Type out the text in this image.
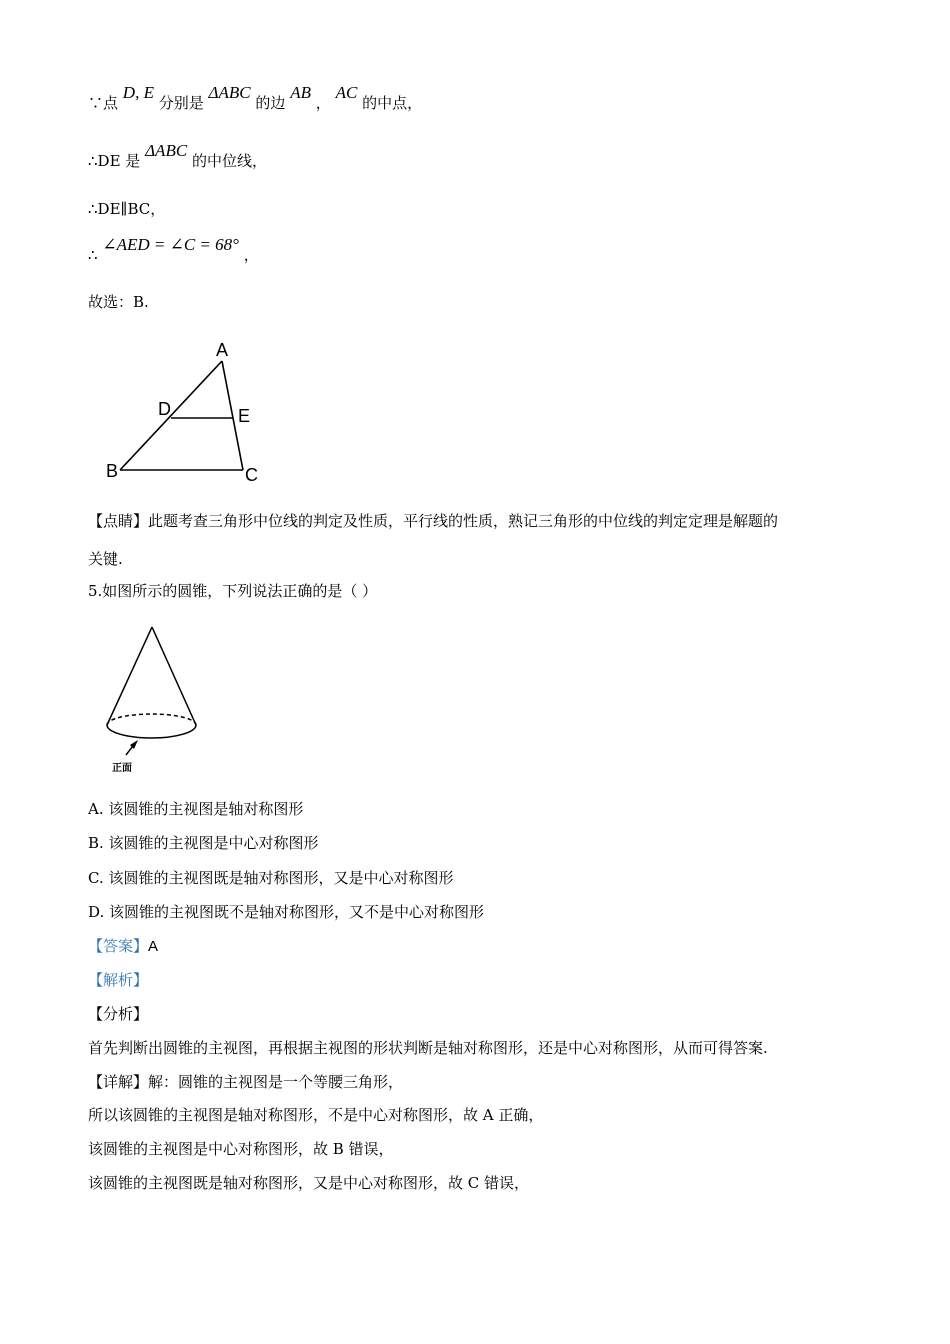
∵点 D, E 分别是 ΔABC 的边 AB ， AC 的中点，
∴DE 是 ΔABC 的中位线，
∴DE∥BC，
∴ ∠AED = ∠C = 68° ，
故选：B.
A
D	E
B	C
【点睛】此题考查三角形中位线的判定及性质，平行线的性质，熟记三角形的中位线的判定定理是解题的
关键.
5.如图所示的圆锥，下列说法正确的是（ ）
正面
A. 该圆锥的主视图是轴对称图形
B. 该圆锥的主视图是中心对称图形
C. 该圆锥的主视图既是轴对称图形，又是中心对称图形
D. 该圆锥的主视图既不是轴对称图形，又不是中心对称图形
【答案】A
【解析】
【分析】
首先判断出圆锥的主视图，再根据主视图的形状判断是轴对称图形，还是中心对称图形，从而可得答案.
【详解】解：圆锥的主视图是一个等腰三角形，
所以该圆锥的主视图是轴对称图形，不是中心对称图形，故 A 正确，
该圆锥的主视图是中心对称图形，故 B 错误，
该圆锥的主视图既是轴对称图形，又是中心对称图形，故 C 错误，
